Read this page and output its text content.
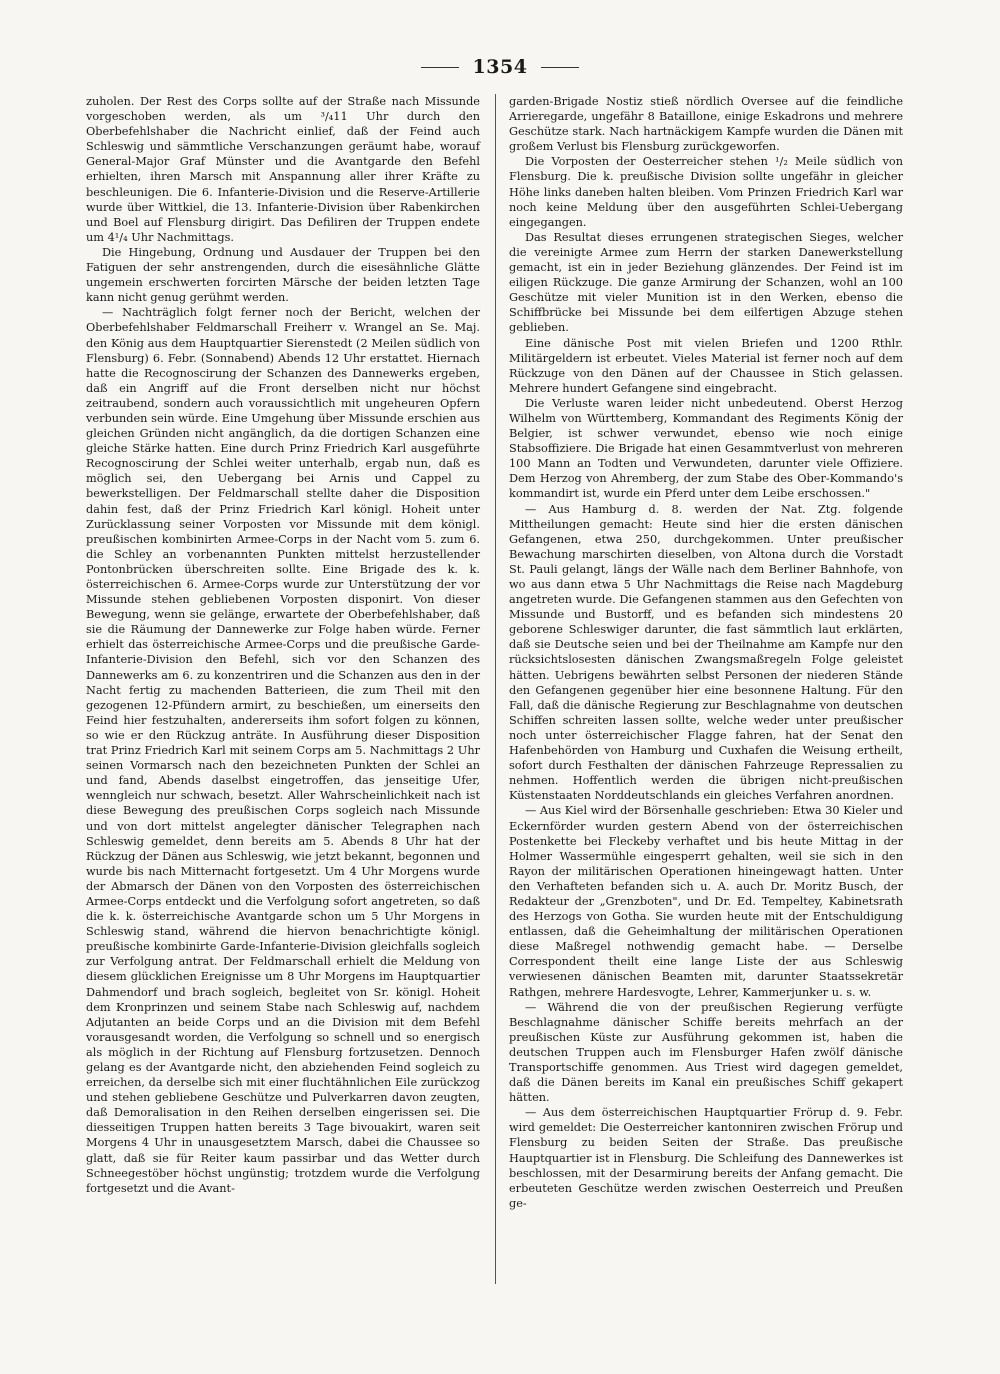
1354

zuholen. Der Rest des Corps sollte auf der Straße nach Missunde vorgeschoben werden, als um ³/₄11 Uhr durch den Oberbefehlshaber die Nachricht einlief, daß der Feind auch Schleswig und sämmtliche Verschanzungen geräumt habe, worauf General-Major Graf Münster und die Avantgarde den Befehl erhielten, ihren Marsch mit Anspannung aller ihrer Kräfte zu beschleunigen. Die 6. Infanterie-Division und die Reserve-Artillerie wurde über Wittkiel, die 13. Infanterie-Division über Rabenkirchen und Boel auf Flensburg dirigirt. Das Defiliren der Truppen endete um 4¹/₄ Uhr Nachmittags.

Die Hingebung, Ordnung und Ausdauer der Truppen bei den Fatiguen der sehr anstrengenden, durch die eisesähnliche Glätte ungemein erschwerten forcirten Märsche der beiden letzten Tage kann nicht genug gerühmt werden.

— Nachträglich folgt ferner noch der Bericht, welchen der Oberbefehlshaber Feldmarschall Freiherr v. Wrangel an Se. Maj. den König aus dem Hauptquartier Sierenstedt (2 Meilen südlich von Flensburg) 6. Febr. (Sonnabend) Abends 12 Uhr erstattet. Hiernach hatte die Recognoscirung der Schanzen des Dannewerks ergeben, daß ein Angriff auf die Front derselben nicht nur höchst zeitraubend, sondern auch voraussichtlich mit ungeheuren Opfern verbunden sein würde. Eine Umgehung über Missunde erschien aus gleichen Gründen nicht angänglich, da die dortigen Schanzen eine gleiche Stärke hatten. Eine durch Prinz Friedrich Karl ausgeführte Recognoscirung der Schlei weiter unterhalb, ergab nun, daß es möglich sei, den Uebergang bei Arnis und Cappel zu bewerkstelligen. Der Feldmarschall stellte daher die Disposition dahin fest, daß der Prinz Friedrich Karl königl. Hoheit unter Zurücklassung seiner Vorposten vor Missunde mit dem königl. preußischen kombinirten Armee-Corps in der Nacht vom 5. zum 6. die Schley an vorbenannten Punkten mittelst herzustellender Pontonbrücken überschreiten sollte. Eine Brigade des k. k. österreichischen 6. Armee-Corps wurde zur Unterstützung der vor Missunde stehen gebliebenen Vorposten disponirt. Von dieser Bewegung, wenn sie gelänge, erwartete der Oberbefehlshaber, daß sie die Räumung der Dannewerke zur Folge haben würde. Ferner erhielt das österreichische Armee-Corps und die preußische Garde-Infanterie-Division den Befehl, sich vor den Schanzen des Dannewerks am 6. zu konzentriren und die Schanzen aus den in der Nacht fertig zu machenden Batterieen, die zum Theil mit den gezogenen 12-Pfündern armirt, zu beschießen, um einerseits den Feind hier festzuhalten, andererseits ihm sofort folgen zu können, so wie er den Rückzug anträte. In Ausführung dieser Disposition trat Prinz Friedrich Karl mit seinem Corps am 5. Nachmittags 2 Uhr seinen Vormarsch nach den bezeichneten Punkten der Schlei an und fand, Abends daselbst eingetroffen, das jenseitige Ufer, wenngleich nur schwach, besetzt. Aller Wahrscheinlichkeit nach ist diese Bewegung des preußischen Corps sogleich nach Missunde und von dort mittelst angelegter dänischer Telegraphen nach Schleswig gemeldet, denn bereits am 5. Abends 8 Uhr hat der Rückzug der Dänen aus Schleswig, wie jetzt bekannt, begonnen und wurde bis nach Mitternacht fortgesetzt. Um 4 Uhr Morgens wurde der Abmarsch der Dänen von den Vorposten des österreichischen Armee-Corps entdeckt und die Verfolgung sofort angetreten, so daß die k. k. österreichische Avantgarde schon um 5 Uhr Morgens in Schleswig stand, während die hiervon benachrichtigte königl. preußische kombinirte Garde-Infanterie-Division gleichfalls sogleich zur Verfolgung antrat. Der Feldmarschall erhielt die Meldung von diesem glücklichen Ereignisse um 8 Uhr Morgens im Hauptquartier Dahmendorf und brach sogleich, begleitet von Sr. königl. Hoheit dem Kronprinzen und seinem Stabe nach Schleswig auf, nachdem Adjutanten an beide Corps und an die Division mit dem Befehl vorausgesandt worden, die Verfolgung so schnell und so energisch als möglich in der Richtung auf Flensburg fortzusetzen. Dennoch gelang es der Avantgarde nicht, den abziehenden Feind sogleich zu erreichen, da derselbe sich mit einer fluchtähnlichen Eile zurückzog und stehen gebliebene Geschütze und Pulverkarren davon zeugten, daß Demoralisation in den Reihen derselben eingerissen sei. Die diesseitigen Truppen hatten bereits 3 Tage bivouakirt, waren seit Morgens 4 Uhr in unausgesetztem Marsch, dabei die Chaussee so glatt, daß sie für Reiter kaum passirbar und das Wetter durch Schneegestöber höchst ungünstig; trotzdem wurde die Verfolgung fortgesetzt und die Avant-

garden-Brigade Nostiz stieß nördlich Oversee auf die feindliche Arrieregarde, ungefähr 8 Bataillone, einige Eskadrons und mehrere Geschütze stark. Nach hartnäckigem Kampfe wurden die Dänen mit großem Verlust bis Flensburg zurückgeworfen.

Die Vorposten der Oesterreicher stehen ¹/₂ Meile südlich von Flensburg. Die k. preußische Division sollte ungefähr in gleicher Höhe links daneben halten bleiben. Vom Prinzen Friedrich Karl war noch keine Meldung über den ausgeführten Schlei-Uebergang eingegangen.

Das Resultat dieses errungenen strategischen Sieges, welcher die vereinigte Armee zum Herrn der starken Danewerkstellung gemacht, ist ein in jeder Beziehung glänzendes. Der Feind ist im eiligen Rückzuge. Die ganze Armirung der Schanzen, wohl an 100 Geschütze mit vieler Munition ist in den Werken, ebenso die Schiffbrücke bei Missunde bei dem eilfertigen Abzuge stehen geblieben.

Eine dänische Post mit vielen Briefen und 1200 Rthlr. Militärgeldern ist erbeutet. Vieles Material ist ferner noch auf dem Rückzuge von den Dänen auf der Chaussee in Stich gelassen. Mehrere hundert Gefangene sind eingebracht.

Die Verluste waren leider nicht unbedeutend. Oberst Herzog Wilhelm von Württemberg, Kommandant des Regiments König der Belgier, ist schwer verwundet, ebenso wie noch einige Stabsoffiziere. Die Brigade hat einen Gesammtverlust von mehreren 100 Mann an Todten und Verwundeten, darunter viele Offiziere. Dem Herzog von Ahremberg, der zum Stabe des Ober-Kommando's kommandirt ist, wurde ein Pferd unter dem Leibe erschossen."

— Aus Hamburg d. 8. werden der Nat. Ztg. folgende Mittheilungen gemacht: Heute sind hier die ersten dänischen Gefangenen, etwa 250, durchgekommen. Unter preußischer Bewachung marschirten dieselben, von Altona durch die Vorstadt St. Pauli gelangt, längs der Wälle nach dem Berliner Bahnhofe, von wo aus dann etwa 5 Uhr Nachmittags die Reise nach Magdeburg angetreten wurde. Die Gefangenen stammen aus den Gefechten von Missunde und Bustorff, und es befanden sich mindestens 20 geborene Schleswiger darunter, die fast sämmtlich laut erklärten, daß sie Deutsche seien und bei der Theilnahme am Kampfe nur den rücksichtslosesten dänischen Zwangsmaßregeln Folge geleistet hätten. Uebrigens bewährten selbst Personen der niederen Stände den Gefangenen gegenüber hier eine besonnene Haltung. Für den Fall, daß die dänische Regierung zur Beschlagnahme von deutschen Schiffen schreiten lassen sollte, welche weder unter preußischer noch unter österreichischer Flagge fahren, hat der Senat den Hafenbehörden von Hamburg und Cuxhafen die Weisung ertheilt, sofort durch Festhalten der dänischen Fahrzeuge Repressalien zu nehmen. Hoffentlich werden die übrigen nicht-preußischen Küstenstaaten Norddeutschlands ein gleiches Verfahren anordnen.

— Aus Kiel wird der Börsenhalle geschrieben: Etwa 30 Kieler und Eckernförder wurden gestern Abend von der österreichischen Postenkette bei Fleckeby verhaftet und bis heute Mittag in der Holmer Wassermühle eingesperrt gehalten, weil sie sich in den Rayon der militärischen Operationen hineingewagt hatten. Unter den Verhafteten befanden sich u. A. auch Dr. Moritz Busch, der Redakteur der „Grenzboten", und Dr. Ed. Tempeltey, Kabinetsrath des Herzogs von Gotha. Sie wurden heute mit der Entschuldigung entlassen, daß die Geheimhaltung der militärischen Operationen diese Maßregel nothwendig gemacht habe. — Derselbe Correspondent theilt eine lange Liste der aus Schleswig verwiesenen dänischen Beamten mit, darunter Staatssekretär Rathgen, mehrere Hardesvogte, Lehrer, Kammerjunker u. s. w.

— Während die von der preußischen Regierung verfügte Beschlagnahme dänischer Schiffe bereits mehrfach an der preußischen Küste zur Ausführung gekommen ist, haben die deutschen Truppen auch im Flensburger Hafen zwölf dänische Transportschiffe genommen. Aus Triest wird dagegen gemeldet, daß die Dänen bereits im Kanal ein preußisches Schiff gekapert hätten.

— Aus dem österreichischen Hauptquartier Frörup d. 9. Febr. wird gemeldet: Die Oesterreicher kantonniren zwischen Frörup und Flensburg zu beiden Seiten der Straße. Das preußische Hauptquartier ist in Flensburg. Die Schleifung des Dannewerkes ist beschlossen, mit der Desarmirung bereits der Anfang gemacht. Die erbeuteten Geschütze werden zwischen Oesterreich und Preußen ge-
